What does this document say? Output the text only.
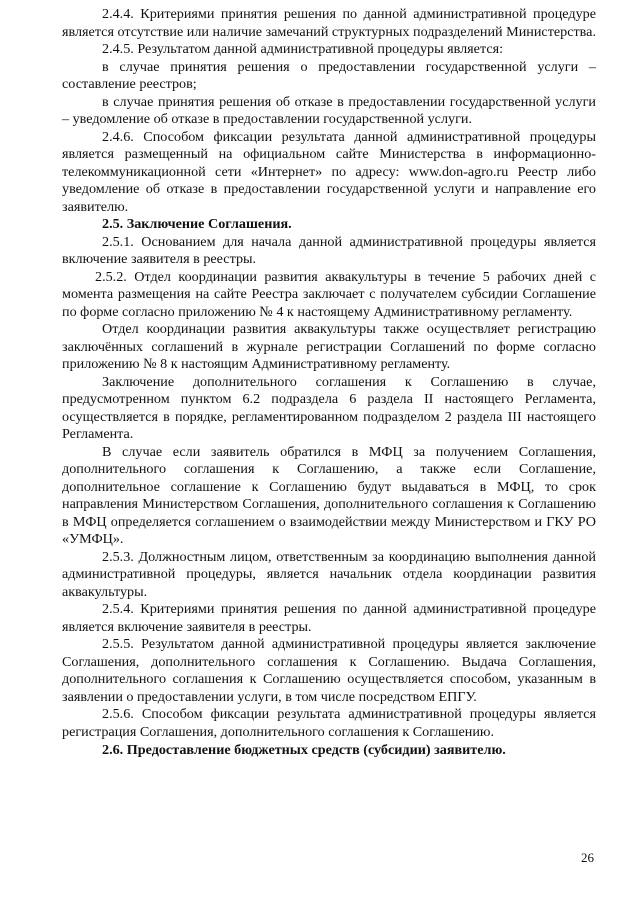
2.4.4. Критериями принятия решения по данной административной процедуре является отсутствие или наличие замечаний структурных подразделений Министерства.

2.4.5. Результатом данной административной процедуры является:

в случае принятия решения о предоставлении государственной услуги – составление реестров;

в случае принятия решения об отказе в предоставлении государственной услуги – уведомление об отказе в предоставлении государственной услуги.

2.4.6. Способом фиксации результата данной административной процедуры является размещенный на официальном сайте Министерства в информационно-телекоммуникационной сети «Интернет» по адресу: www.don-agro.ru Реестр либо уведомление об отказе в предоставлении государственной услуги и направление его заявителю.

2.5. Заключение Соглашения.

2.5.1. Основанием для начала данной административной процедуры является включение заявителя в реестры.

2.5.2. Отдел координации развития аквакультуры в течение 5 рабочих дней с момента размещения на сайте Реестра заключает с получателем субсидии Соглашение по форме согласно приложению № 4 к настоящему Административному регламенту.

Отдел координации развития аквакультуры также осуществляет регистрацию заключённых соглашений в журнале регистрации Соглашений по форме согласно приложению № 8 к настоящим Административному регламенту.

Заключение дополнительного соглашения к Соглашению в случае, предусмотренном пунктом 6.2 подраздела 6 раздела II настоящего Регламента, осуществляется в порядке, регламентированном подразделом 2 раздела III настоящего Регламента.

В случае если заявитель обратился в МФЦ за получением Соглашения, дополнительного соглашения к Соглашению, а также если Соглашение, дополнительное соглашение к Соглашению будут выдаваться в МФЦ, то срок направления Министерством Соглашения, дополнительного соглашения к Соглашению в МФЦ определяется соглашением о взаимодействии между Министерством и ГКУ РО «УМФЦ».

2.5.3. Должностным лицом, ответственным за координацию выполнения данной административной процедуры, является начальник отдела координации развития аквакультуры.

2.5.4. Критериями принятия решения по данной административной процедуре является включение заявителя в реестры.

2.5.5. Результатом данной административной процедуры является заключение Соглашения, дополнительного соглашения к Соглашению. Выдача Соглашения, дополнительного соглашения к Соглашению осуществляется способом, указанным в заявлении о предоставлении услуги, в том числе посредством ЕПГУ.

2.5.6. Способом фиксации результата административной процедуры является регистрация Соглашения, дополнительного соглашения к Соглашению.

2.6. Предоставление бюджетных средств (субсидии) заявителю.

26
